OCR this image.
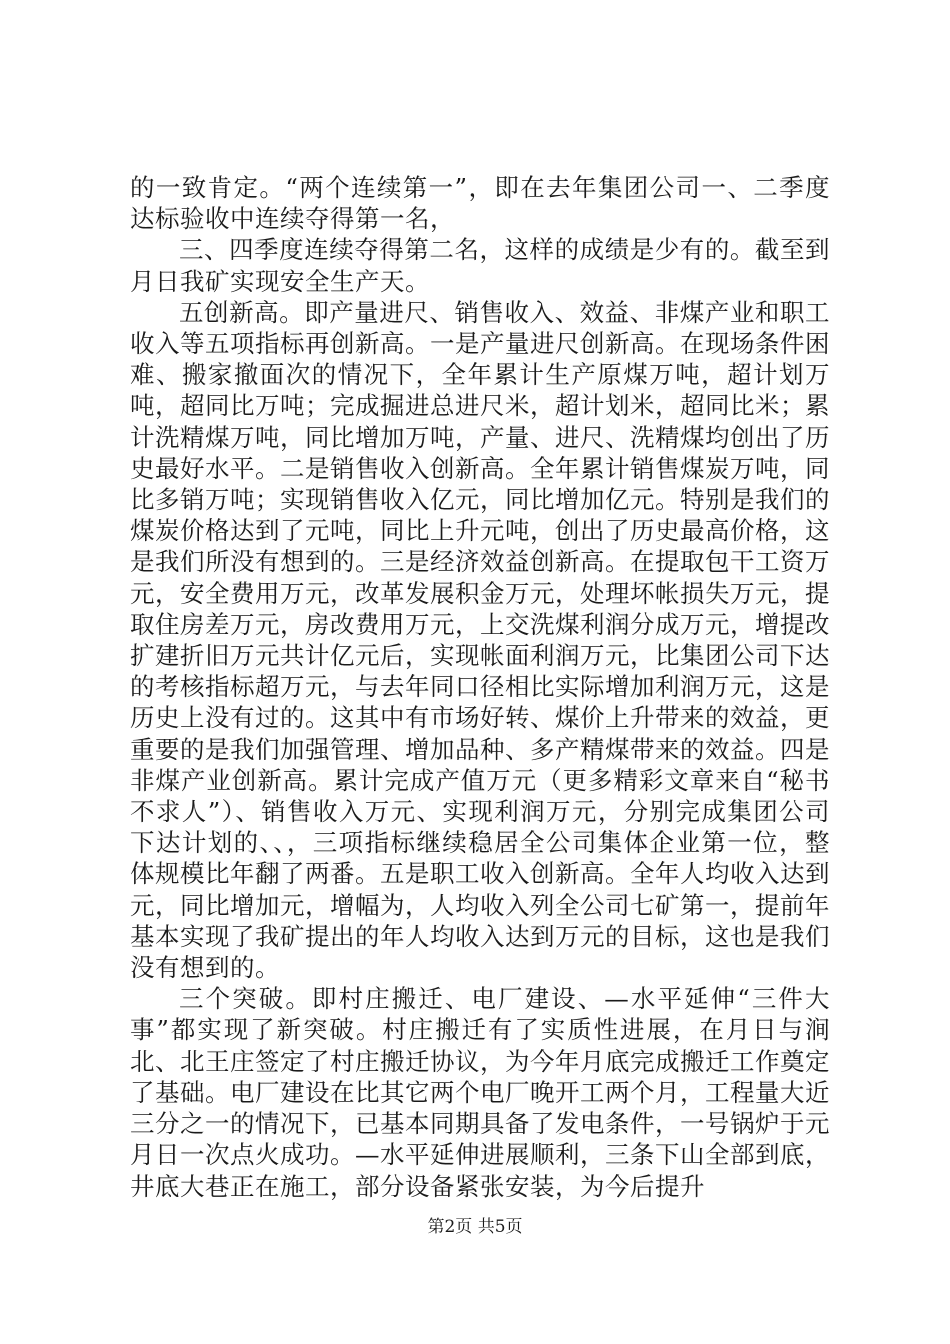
的一致肯定。“两个连续第一”，即在去年集团公司一、二季度达标验收中连续夺得第一名，

三、四季度连续夺得第二名，这样的成绩是少有的。截至到月日我矿实现安全生产天。

五创新高。即产量进尺、销售收入、效益、非煤产业和职工收入等五项指标再创新高。一是产量进尺创新高。在现场条件困难、搬家撤面次的情况下，全年累计生产原煤万吨，超计划万吨，超同比万吨；完成掘进总进尺米，超计划米，超同比米；累计洗精煤万吨，同比增加万吨，产量、进尺、洗精煤均创出了历史最好水平。二是销售收入创新高。全年累计销售煤炭万吨，同比多销万吨；实现销售收入亿元，同比增加亿元。特别是我们的煤炭价格达到了元吨，同比上升元吨，创出了历史最高价格，这是我们所没有想到的。三是经济效益创新高。在提取包干工资万元，安全费用万元，改革发展积金万元，处理坏帐损失万元，提取住房差万元，房改费用万元，上交洗煤利润分成万元，增提改扩建折旧万元共计亿元后，实现帐面利润万元，比集团公司下达的考核指标超万元，与去年同口径相比实际增加利润万元，这是历史上没有过的。这其中有市场好转、煤价上升带来的效益，更重要的是我们加强管理、增加品种、多产精煤带来的效益。四是非煤产业创新高。累计完成产值万元（更多精彩文章来自“秘书不求人”）、销售收入万元、实现利润万元，分别完成集团公司下达计划的、、，三项指标继续稳居全公司集体企业第一位，整体规模比年翻了两番。五是职工收入创新高。全年人均收入达到元，同比增加元，增幅为，人均收入列全公司七矿第一，提前年基本实现了我矿提出的年人均收入达到万元的目标，这也是我们没有想到的。

三个突破。即村庄搬迁、电厂建设、—水平延伸“三件大事”都实现了新突破。村庄搬迁有了实质性进展，在月日与涧北、北王庄签定了村庄搬迁协议，为今年月底完成搬迁工作奠定了基础。电厂建设在比其它两个电厂晚开工两个月，工程量大近三分之一的情况下，已基本同期具备了发电条件，一号锅炉于元月日一次点火成功。—水平延伸进展顺利，三条下山全部到底，井底大巷正在施工，部分设备紧张安装，为今后提升

第2页 共5页
